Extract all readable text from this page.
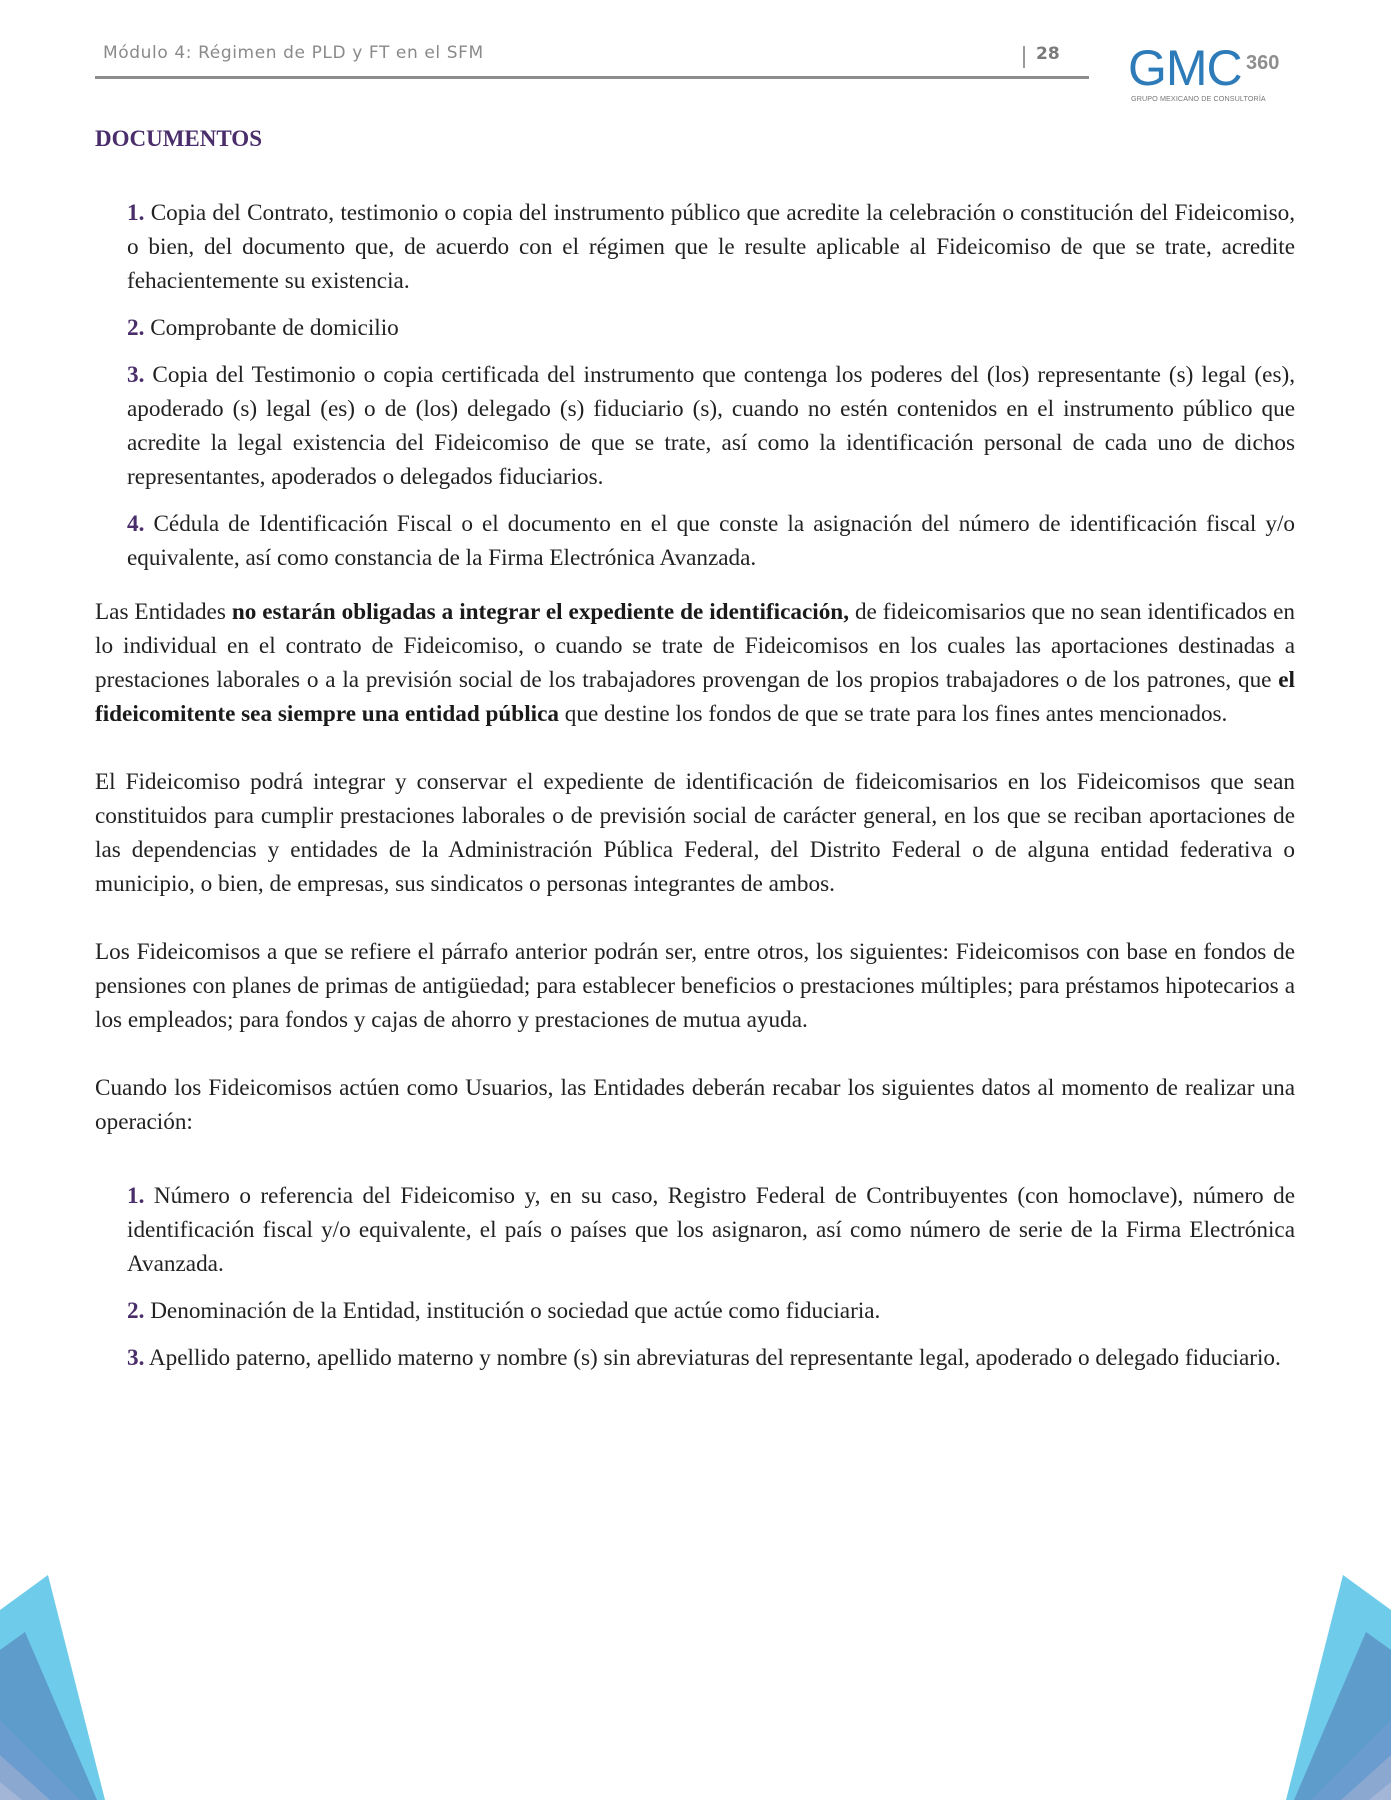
Módulo 4: Régimen de PLD y FT en el SFM	28 GMC 360
GRUPO MEXICANO DE CONSULTORÍA
DOCUMENTOS
1. Copia del Contrato, testimonio o copia del instrumento público que acredite la celebración o constitución del Fideicomiso, o bien, del documento que, de acuerdo con el régimen que le resulte aplicable al Fideicomiso de que se trate, acredite fehacientemente su existencia.
2. Comprobante de domicilio
3. Copia del Testimonio o copia certificada del instrumento que contenga los poderes del (los) representante (s) legal (es), apoderado (s) legal (es) o de (los) delegado (s) fiduciario (s), cuando no estén contenidos en el instrumento público que acredite la legal existencia del Fideicomiso de que se trate, así como la identificación personal de cada uno de dichos representantes, apoderados o delegados fiduciarios.
4. Cédula de Identificación Fiscal o el documento en el que conste la asignación del número de identificación fiscal y/o equivalente, así como constancia de la Firma Electrónica Avanzada.

Las Entidades no estarán obligadas a integrar el expediente de identificación, de fideicomisarios que no sean identificados en lo individual en el contrato de Fideicomiso, o cuando se trate de Fideicomisos en los cuales las aportaciones destinadas a prestaciones laborales o a la previsión social de los trabajadores provengan de los propios trabajadores o de los patrones, que el fideicomitente sea siempre una entidad pública que destine los fondos de que se trate para los fines antes mencionados.

El Fideicomiso podrá integrar y conservar el expediente de identificación de fideicomisarios en los Fideicomisos que sean constituidos para cumplir prestaciones laborales o de previsión social de carácter general, en los que se reciban aportaciones de las dependencias y entidades de la Administración Pública Federal, del Distrito Federal o de alguna entidad federativa o municipio, o bien, de empresas, sus sindicatos o personas integrantes de ambos.

Los Fideicomisos a que se refiere el párrafo anterior podrán ser, entre otros, los siguientes: Fideicomisos con base en fondos de pensiones con planes de primas de antigüedad; para establecer beneficios o prestaciones múltiples; para préstamos hipotecarios a los empleados; para fondos y cajas de ahorro y prestaciones de mutua ayuda.

Cuando los Fideicomisos actúen como Usuarios, las Entidades deberán recabar los siguientes datos al momento de realizar una operación:

1. Número o referencia del Fideicomiso y, en su caso, Registro Federal de Contribuyentes (con homoclave), número de identificación fiscal y/o equivalente, el país o países que los asignaron, así como número de serie de la Firma Electrónica Avanzada.
2. Denominación de la Entidad, institución o sociedad que actúe como fiduciaria.
3. Apellido paterno, apellido materno y nombre (s) sin abreviaturas del representante legal, apoderado o delegado fiduciario.
